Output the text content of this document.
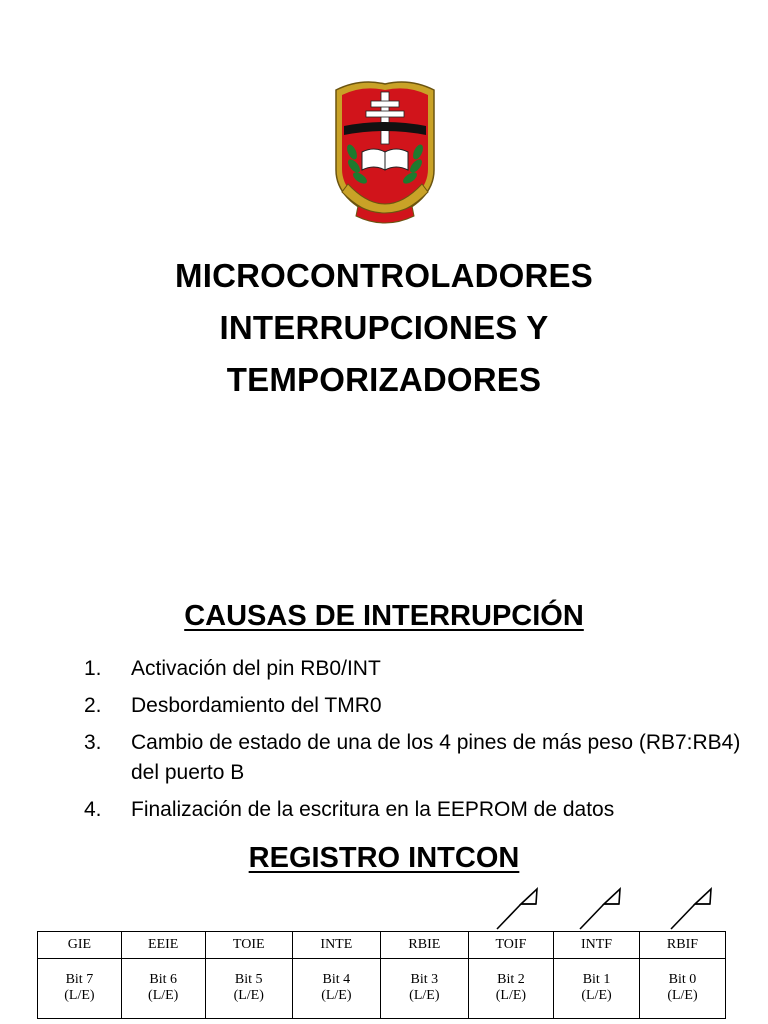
MICROCONTROLADORES
INTERRUPCIONES Y
TEMPORIZADORES
CAUSAS DE INTERRUPCIÓN
1.	Activación del pin RB0/INT
2.	Desbordamiento del TMR0
3.	Cambio de estado de una de los 4 pines de más peso (RB7:RB4) del puerto B
4.	Finalización de la escritura en la EEPROM de datos
REGISTRO INTCON
GIE	EEIE	TOIE	INTE	RBIE	TOIF	INTF	RBIF
Bit 7	Bit 6	Bit 5	Bit 4	Bit 3	Bit 2	Bit 1	Bit 0
(L/E)	(L/E)	(L/E)	(L/E)	(L/E)	(L/E)	(L/E)	(L/E)
